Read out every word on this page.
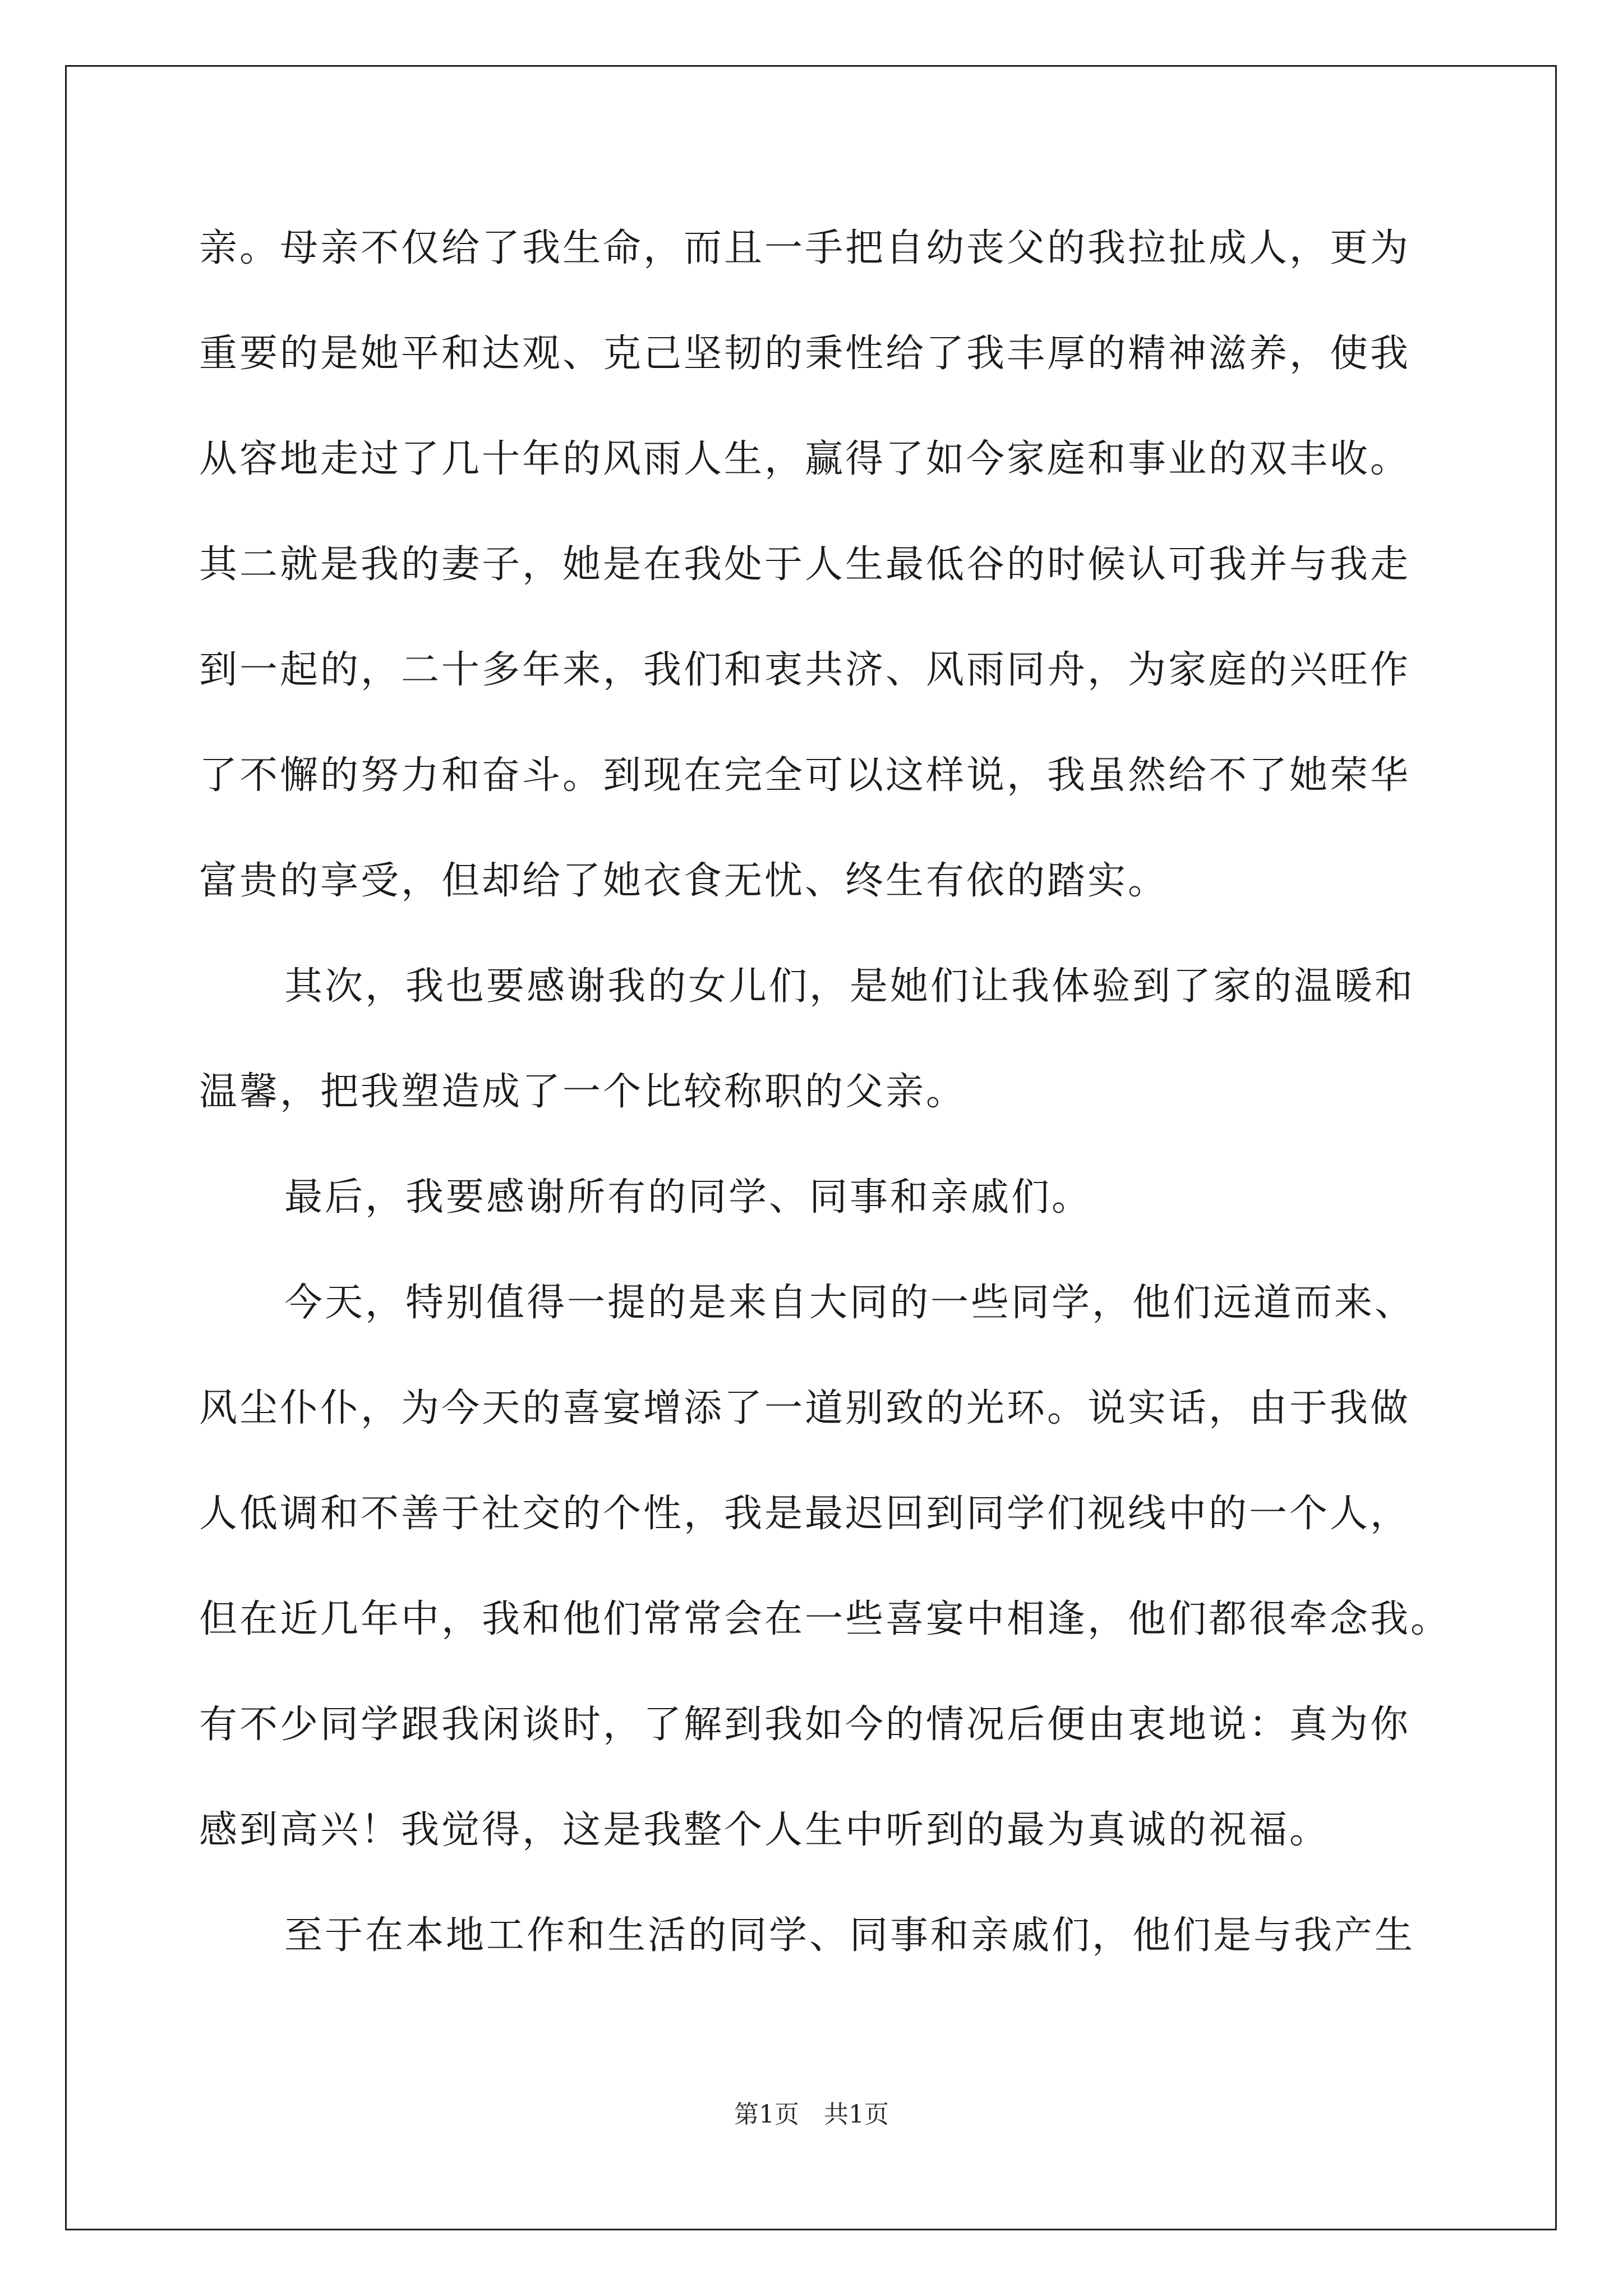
亲。母亲不仅给了我生命，而且一手把自幼丧父的我拉扯成人，更为
重要的是她平和达观、克己坚韧的秉性给了我丰厚的精神滋养，使我
从容地走过了几十年的风雨人生，赢得了如今家庭和事业的双丰收。
其二就是我的妻子，她是在我处于人生最低谷的时候认可我并与我走
到一起的，二十多年来，我们和衷共济、风雨同舟，为家庭的兴旺作
了不懈的努力和奋斗。到现在完全可以这样说，我虽然给不了她荣华
富贵的享受，但却给了她衣食无忧、终生有依的踏实。
其次，我也要感谢我的女儿们，是她们让我体验到了家的温暖和
温馨，把我塑造成了一个比较称职的父亲。
最后，我要感谢所有的同学、同事和亲戚们。
今天，特别值得一提的是来自大同的一些同学，他们远道而来、
风尘仆仆，为今天的喜宴增添了一道别致的光环。说实话，由于我做
人低调和不善于社交的个性，我是最迟回到同学们视线中的一个人，
但在近几年中，我和他们常常会在一些喜宴中相逢，他们都很牵念我。
有不少同学跟我闲谈时，了解到我如今的情况后便由衷地说：真为你
感到高兴！我觉得，这是我整个人生中听到的最为真诚的祝福。
至于在本地工作和生活的同学、同事和亲戚们，他们是与我产生
第1页 共1页
